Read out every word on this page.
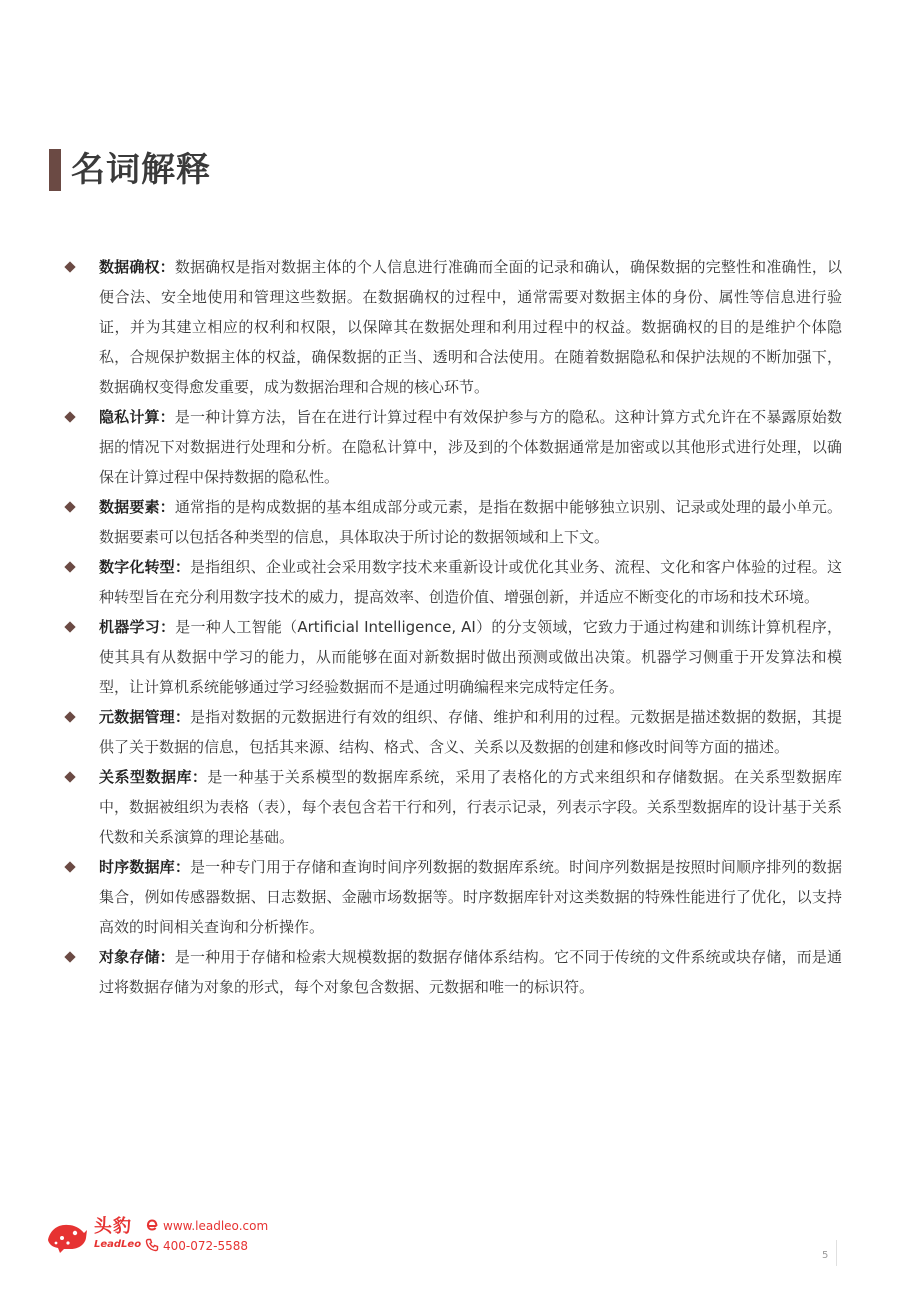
名词解释
数据确权：数据确权是指对数据主体的个人信息进行准确而全面的记录和确认，确保数据的完整性和准确性，以便合法、安全地使用和管理这些数据。在数据确权的过程中，通常需要对数据主体的身份、属性等信息进行验证，并为其建立相应的权利和权限，以保障其在数据处理和利用过程中的权益。数据确权的目的是维护个体隐私，合规保护数据主体的权益，确保数据的正当、透明和合法使用。在随着数据隐私和保护法规的不断加强下，数据确权变得愈发重要，成为数据治理和合规的核心环节。
隐私计算：是一种计算方法，旨在在进行计算过程中有效保护参与方的隐私。这种计算方式允许在不暴露原始数据的情况下对数据进行处理和分析。在隐私计算中，涉及到的个体数据通常是加密或以其他形式进行处理，以确保在计算过程中保持数据的隐私性。
数据要素：通常指的是构成数据的基本组成部分或元素，是指在数据中能够独立识别、记录或处理的最小单元。数据要素可以包括各种类型的信息，具体取决于所讨论的数据领域和上下文。
数字化转型：是指组织、企业或社会采用数字技术来重新设计或优化其业务、流程、文化和客户体验的过程。这种转型旨在充分利用数字技术的威力，提高效率、创造价值、增强创新，并适应不断变化的市场和技术环境。
机器学习：是一种人工智能（Artificial Intelligence, AI）的分支领域，它致力于通过构建和训练计算机程序，使其具有从数据中学习的能力，从而能够在面对新数据时做出预测或做出决策。机器学习侧重于开发算法和模型，让计算机系统能够通过学习经验数据而不是通过明确编程来完成特定任务。
元数据管理：是指对数据的元数据进行有效的组织、存储、维护和利用的过程。元数据是描述数据的数据，其提供了关于数据的信息，包括其来源、结构、格式、含义、关系以及数据的创建和修改时间等方面的描述。
关系型数据库：是一种基于关系模型的数据库系统，采用了表格化的方式来组织和存储数据。在关系型数据库中，数据被组织为表格（表），每个表包含若干行和列，行表示记录，列表示字段。关系型数据库的设计基于关系代数和关系演算的理论基础。
时序数据库：是一种专门用于存储和查询时间序列数据的数据库系统。时间序列数据是按照时间顺序排列的数据集合，例如传感器数据、日志数据、金融市场数据等。时序数据库针对这类数据的特殊性能进行了优化，以支持高效的时间相关查询和分析操作。
对象存储：是一种用于存储和检索大规模数据的数据存储体系结构。它不同于传统的文件系统或块存储，而是通过将数据存储为对象的形式，每个对象包含数据、元数据和唯一的标识符。
头豹
LeadLeo
www.leadleo.com
400-072-5588
5
